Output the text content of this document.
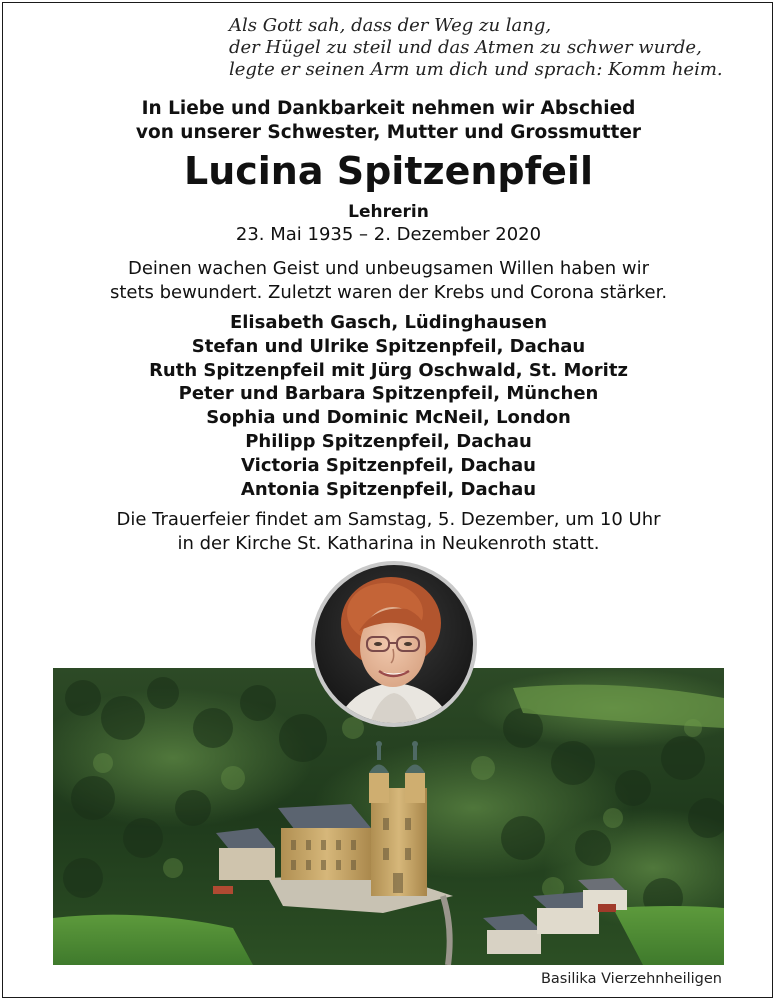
Als Gott sah, dass der Weg zu lang,
der Hügel zu steil und das Atmen zu schwer wurde,
legte er seinen Arm um dich und sprach: Komm heim.
In Liebe und Dankbarkeit nehmen wir Abschied
von unserer Schwester, Mutter und Grossmutter
Lucina Spitzenpfeil
Lehrerin
23. Mai 1935 – 2. Dezember 2020
Deinen wachen Geist und unbeugsamen Willen haben wir
stets bewundert. Zuletzt waren der Krebs und Corona stärker.
Elisabeth Gasch, Lüdinghausen
Stefan und Ulrike Spitzenpfeil, Dachau
Ruth Spitzenpfeil mit Jürg Oschwald, St. Moritz
Peter und Barbara Spitzenpfeil, München
Sophia und Dominic McNeil, London
Philipp Spitzenpfeil, Dachau
Victoria Spitzenpfeil, Dachau
Antonia Spitzenpfeil, Dachau
Die Trauerfeier findet am Samstag, 5. Dezember, um 10 Uhr
in der Kirche St. Katharina in Neukenroth statt.
Basilika Vierzehnheiligen
